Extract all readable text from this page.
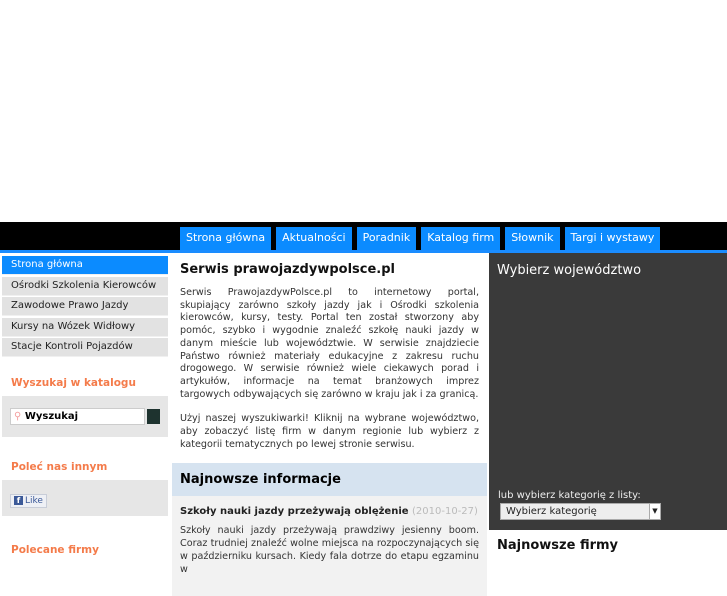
Strona główna	Aktualności	Poradnik	Katalog firm	Słownik	Targi i wystawy
Strona główna
Ośrodki Szkolenia Kierowców
Zawodowe Prawo Jazdy
Kursy na Wózek Widłowy
Stacje Kontroli Pojazdów
Wyszukaj w katalogu
⚲ Wyszukaj
Poleć nas innym
f Like
Polecane firmy
Serwis prawojazdywpolsce.pl

Serwis PrawojazdywPolsce.pl to internetowy portal, skupiający zarówno szkoły jazdy jak i Ośrodki szkolenia kierowców, kursy, testy. Portal ten został stworzony aby pomóc, szybko i wygodnie znaleźć szkołę nauki jazdy w danym mieście lub województwie. W serwisie znajdziecie Państwo również materiały edukacyjne z zakresu ruchu drogowego. W serwisie również wiele ciekawych porad i artykułów, informacje na temat branżowych imprez targowych odbywających się zarówno w kraju jak i za granicą.

Użyj naszej wyszukiwarki! Kliknij na wybrane województwo, aby zobaczyć listę firm w danym regionie lub wybierz z kategorii tematycznych po lewej stronie serwisu.

Najnowsze informacje
Szkoły nauki jazdy przeżywają oblężenie (2010-10-27)

Szkoły nauki jazdy przeżywają prawdziwy jesienny boom. Coraz trudniej znaleźć wolne miejsca na rozpoczynających się w październiku kursach. Kiedy fala dotrze do etapu egzaminu w

Wybierz województwo
lub wybierz kategorię z listy:
Wybierz kategorię	▼
Najnowsze firmy
